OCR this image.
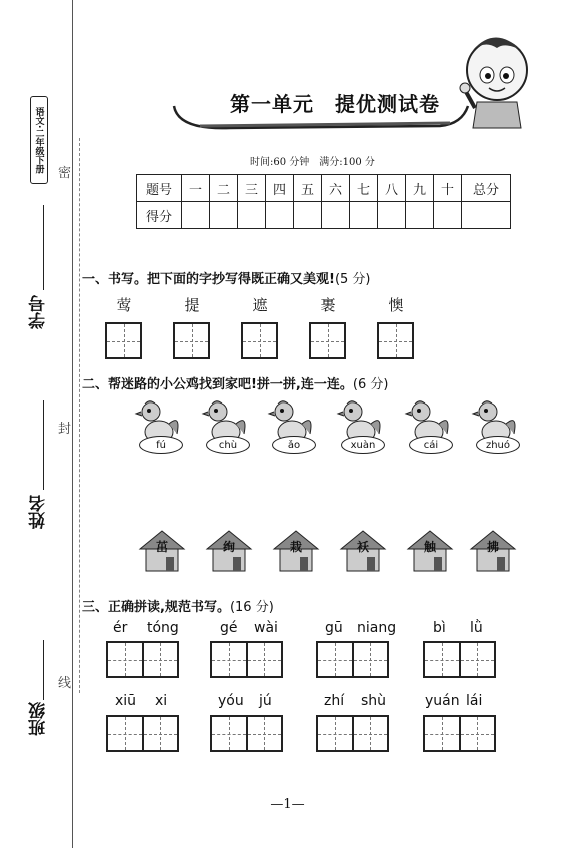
语文·二年级下册
学号
姓名
班级
密
封
线
第一单元　提优测试卷
时间:60 分钟　满分:100 分
题号	一	二	三	四	五	六	七	八	九	十	总分
得分											
一、书写。把下面的字抄写得既正确又美观!(5 分)
莺	提	遮	裹	懊
二、帮迷路的小公鸡找到家吧!拼一拼,连一连。(6 分)
fú	chù	ǎo	xuàn	cái	zhuó
茁	绚	栽	袄	触	拂
三、正确拼读,规范书写。(16 分)
ér tóng	gé wài	gū niang	bì lǜ
xiū xi	yóu jú	zhí shù	yuán lái
—1—
